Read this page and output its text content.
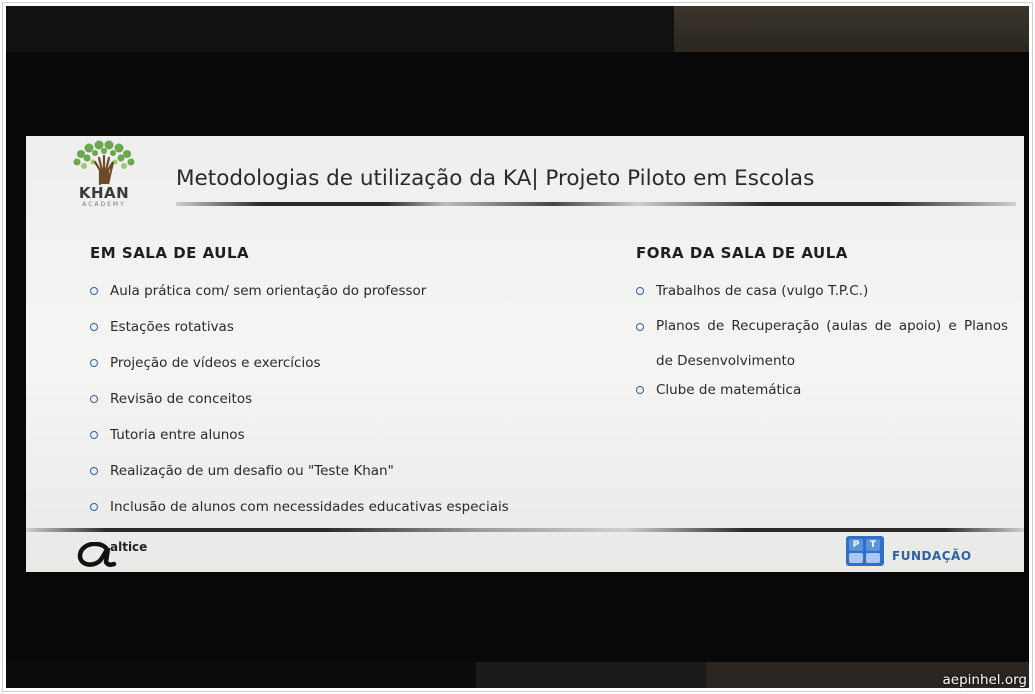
KHAN
ACADEMY
Metodologias de utilização da KA| Projeto Piloto em Escolas
EM SALA DE AULA
Aula prática com/ sem orientação do professor
Estações rotativas
Projeção de vídeos e exercícios
Revisão de conceitos
Tutoria entre alunos
Realização de um desafio ou "Teste Khan"
Inclusão de alunos com necessidades educativas especiais
FORA DA SALA DE AULA
Trabalhos de casa (vulgo T.P.C.)
Planos de Recuperação (aulas de apoio) e Planos de Desenvolvimento
Clube de matemática
altice	P	T
FUNDAÇÃO
aepinhel.org
